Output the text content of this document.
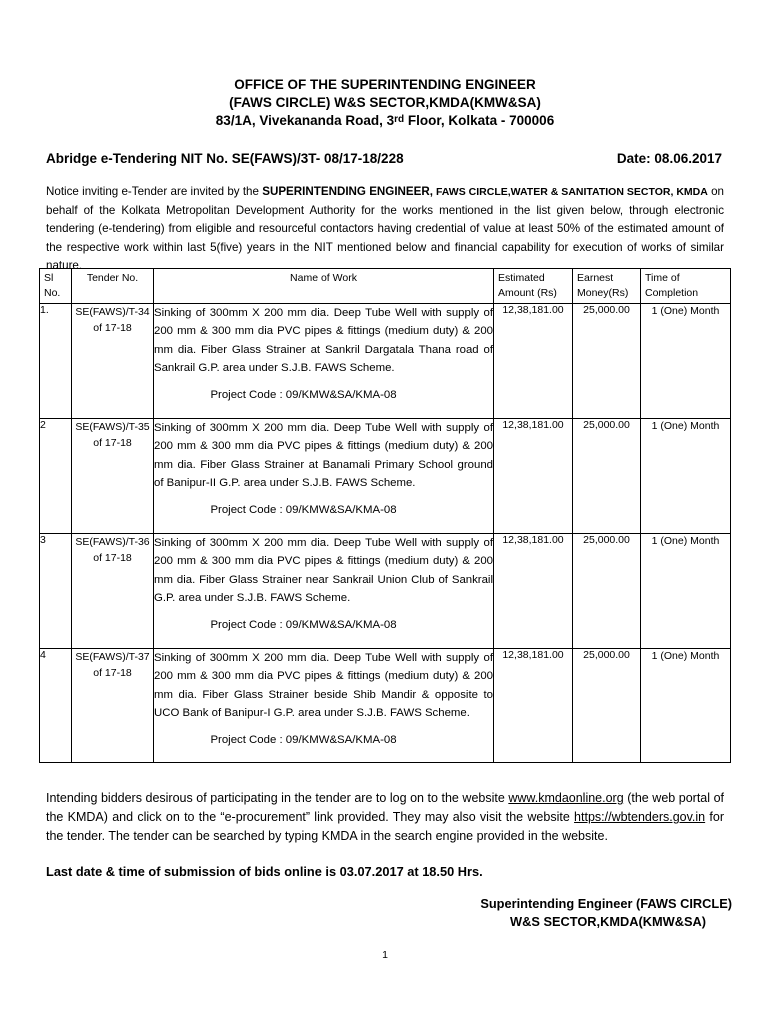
OFFICE OF THE SUPERINTENDING ENGINEER
(FAWS CIRCLE) W&S SECTOR,KMDA(KMW&SA)
83/1A, Vivekananda Road, 3rd Floor, Kolkata - 700006
Abridge e-Tendering NIT No. SE(FAWS)/3T- 08/17-18/228	Date: 08.06.2017
Notice inviting e-Tender are invited by the SUPERINTENDING ENGINEER, FAWS CIRCLE,WATER & SANITATION SECTOR, KMDA on behalf of the Kolkata Metropolitan Development Authority for the works mentioned in the list given below, through electronic tendering (e-tendering) from eligible and resourceful contactors having credential of value at least 50% of the estimated amount of the respective work within last 5(five) years in the NIT mentioned below and financial capability for execution of works of similar nature.
Sl No.	Tender No.	Name of Work	Estimated Amount (Rs)	Earnest Money(Rs)	Time of Completion
1.	SE(FAWS)/T-34 of 17-18	Sinking of 300mm X 200 mm dia. Deep Tube Well with supply of 200 mm & 300 mm dia PVC pipes & fittings (medium duty) & 200 mm dia. Fiber Glass Strainer at Sankril Dargatala Thana road of Sankrail G.P. area under S.J.B. FAWS Scheme.
Project Code : 09/KMW&SA/KMA-08	12,38,181.00	25,000.00	1 (One) Month
2	SE(FAWS)/T-35 of 17-18	Sinking of 300mm X 200 mm dia. Deep Tube Well with supply of 200 mm & 300 mm dia PVC pipes & fittings (medium duty) & 200 mm dia. Fiber Glass Strainer at Banamali Primary School ground of Banipur-II G.P. area under S.J.B. FAWS Scheme.
Project Code : 09/KMW&SA/KMA-08	12,38,181.00	25,000.00	1 (One) Month
3	SE(FAWS)/T-36 of 17-18	Sinking of 300mm X 200 mm dia. Deep Tube Well with supply of 200 mm & 300 mm dia PVC pipes & fittings (medium duty) & 200 mm dia. Fiber Glass Strainer near Sankrail Union Club of Sankrail G.P. area under S.J.B. FAWS Scheme.
Project Code : 09/KMW&SA/KMA-08	12,38,181.00	25,000.00	1 (One) Month
4	SE(FAWS)/T-37 of 17-18	Sinking of 300mm X 200 mm dia. Deep Tube Well with supply of 200 mm & 300 mm dia PVC pipes & fittings (medium duty) & 200 mm dia. Fiber Glass Strainer beside Shib Mandir & opposite to UCO Bank of Banipur-I G.P. area under S.J.B. FAWS Scheme.
Project Code : 09/KMW&SA/KMA-08	12,38,181.00	25,000.00	1 (One) Month
Intending bidders desirous of participating in the tender are to log on to the website www.kmdaonline.org (the web portal of the KMDA) and click on to the “e-procurement” link provided. They may also visit the website https://wbtenders.gov.in for the tender. The tender can be searched by typing KMDA in the search engine provided in the website.
Last date & time of submission of bids online is 03.07.2017 at 18.50 Hrs.
Superintending Engineer (FAWS CIRCLE)
W&S SECTOR,KMDA(KMW&SA)
1
